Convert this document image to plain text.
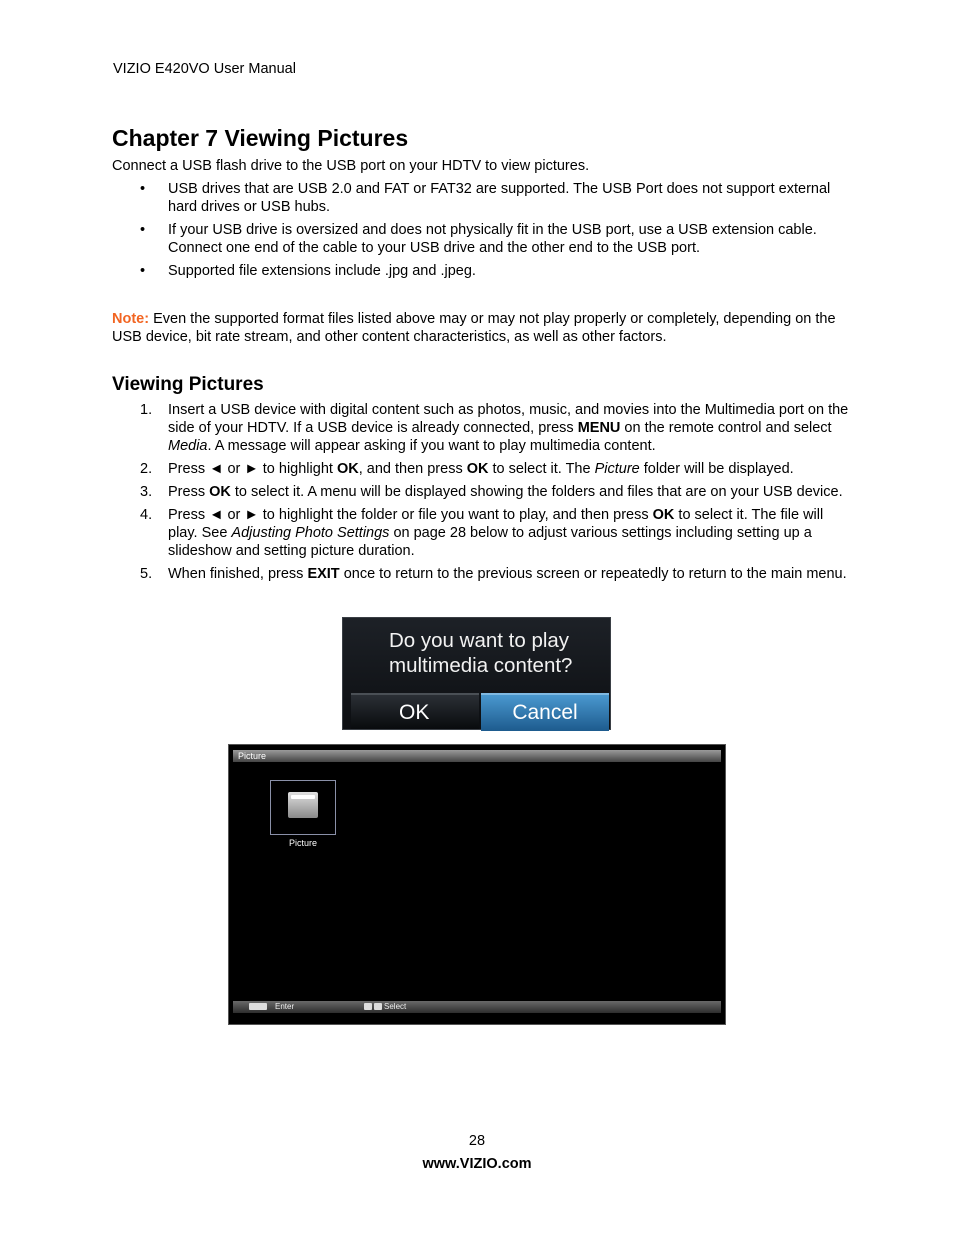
VIZIO E420VO User Manual
Chapter 7 Viewing Pictures
Connect a USB flash drive to the USB port on your HDTV to view pictures.
• USB drives that are USB 2.0 and FAT or FAT32 are supported. The USB Port does not support external hard drives or USB hubs.
• If your USB drive is oversized and does not physically fit in the USB port, use a USB extension cable. Connect one end of the cable to your USB drive and the other end to the USB port.
• Supported file extensions include .jpg and .jpeg.
Note: Even the supported format files listed above may or may not play properly or completely, depending on the USB device, bit rate stream, and other content characteristics, as well as other factors.
Viewing Pictures
1. Insert a USB device with digital content such as photos, music, and movies into the Multimedia port on the side of your HDTV. If a USB device is already connected, press MENU on the remote control and select Media. A message will appear asking if you want to play multimedia content.
2. Press ◄ or ► to highlight OK, and then press OK to select it. The Picture folder will be displayed.
3. Press OK to select it. A menu will be displayed showing the folders and files that are on your USB device.
4. Press ◄ or ► to highlight the folder or file you want to play, and then press OK to select it. The file will play. See Adjusting Photo Settings on page 28 below to adjust various settings including setting up a slideshow and setting picture duration.
5. When finished, press EXIT once to return to the previous screen or repeatedly to return to the main menu.
Do you want to play
multimedia content?
OK	Cancel
Picture
Picture
Enter	Select
28
www.VIZIO.com
